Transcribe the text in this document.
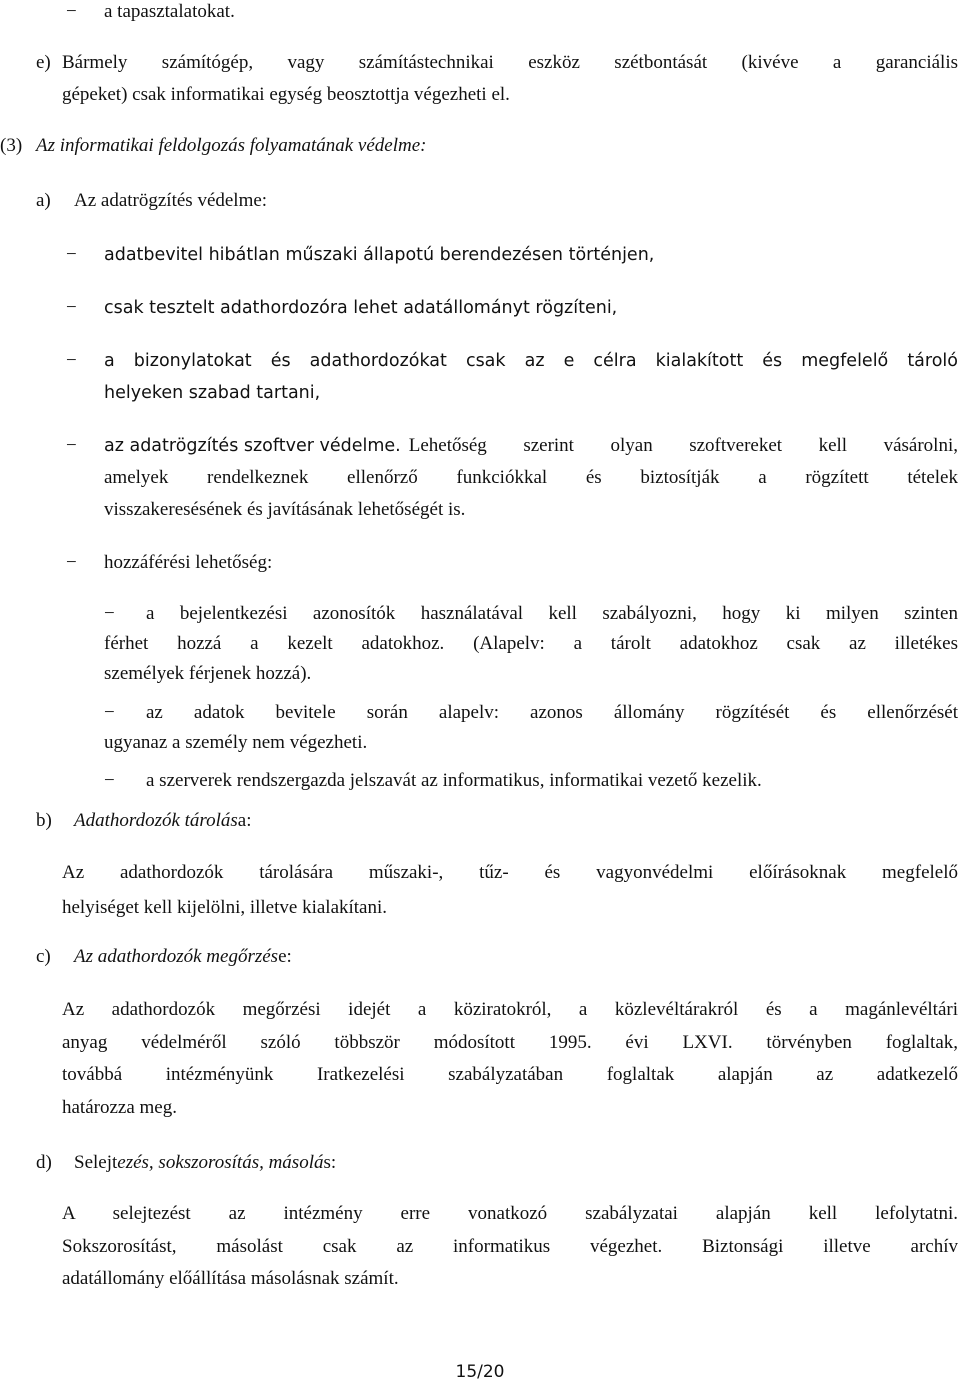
− a tapasztalatokat.
e) Bármely számítógép, vagy számítástechnikai eszköz szétbontását (kivéve a garanciális
gépeket) csak informatikai egység beosztottja végezheti el.
(3) Az informatikai feldolgozás folyamatának védelme:
a) Az adatrögzítés védelme:
− adatbevitel hibátlan műszaki állapotú berendezésen történjen,
− csak tesztelt adathordozóra lehet adatállományt rögzíteni,
− a bizonylatokat és adathordozókat csak az e célra kialakított és megfelelő tároló
helyeken szabad tartani,
− az adatrögzítés szoftver védelme. Lehetőség szerint olyan szoftvereket kell vásárolni,
amelyek rendelkeznek ellenőrző funkciókkal és biztosítják a rögzített tételek
visszakeresésének és javításának lehetőségét is.
− hozzáférési lehetőség:
− a bejelentkezési azonosítók használatával kell szabályozni, hogy ki milyen szinten
férhet hozzá a kezelt adatokhoz. (Alapelv: a tárolt adatokhoz csak az illetékes
személyek férjenek hozzá).
− az adatok bevitele során alapelv: azonos állomány rögzítését és ellenőrzését
ugyanaz a személy nem végezheti.
− a szerverek rendszergazda jelszavát az informatikus, informatikai vezető kezelik.
b) Adathordozók tárolása:
Az adathordozók tárolására műszaki-, tűz- és vagyonvédelmi előírásoknak megfelelő
helyiséget kell kijelölni, illetve kialakítani.
c) Az adathordozók megőrzése:
Az adathordozók megőrzési idejét a köziratokról, a közlevéltárakról és a magánlevéltári
anyag védelméről szóló többször módosított 1995. évi LXVI. törvényben foglaltak,
továbbá intézményünk Iratkezelési szabályzatában foglaltak alapján az adatkezelő
határozza meg.
d) Selejtezés, sokszorosítás, másolás:
A selejtezést az intézmény erre vonatkozó szabályzatai alapján kell lefolytatni.
Sokszorosítást, másolást csak az informatikus végezhet. Biztonsági illetve archív
adatállomány előállítása másolásnak számít.
15/20
